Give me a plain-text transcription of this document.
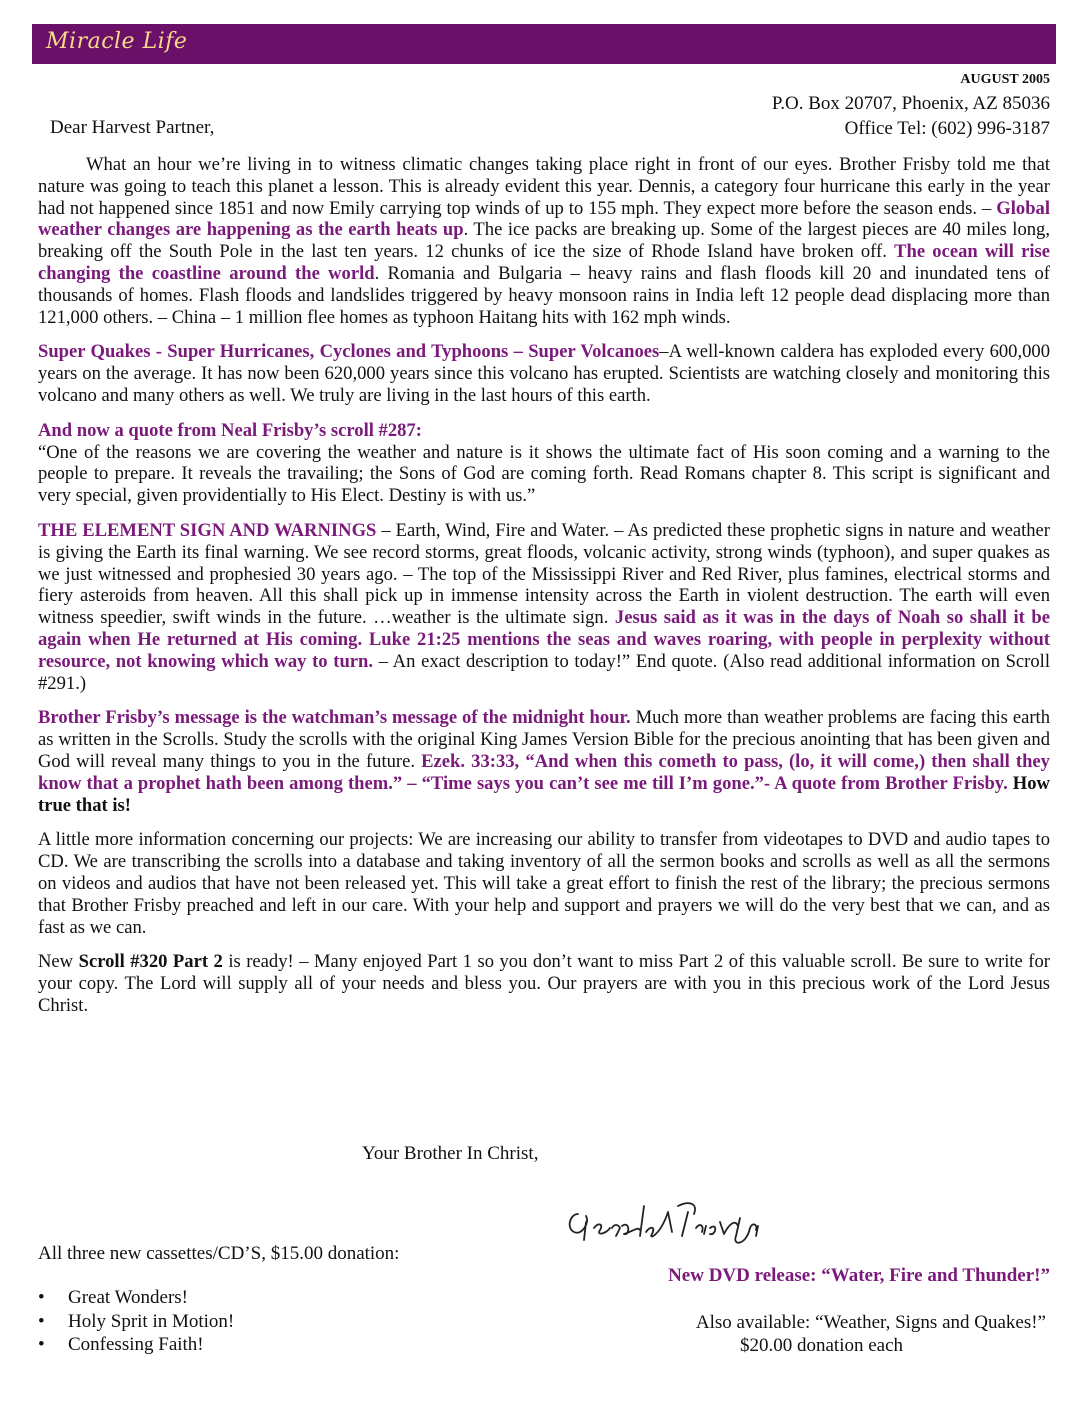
Miracle Life
AUGUST 2005
P.O. Box 20707, Phoenix, AZ 85036
Office Tel: (602) 996-3187
Dear Harvest Partner,

What an hour we’re living in to witness climatic changes taking place right in front of our eyes. Brother Frisby told me that nature was going to teach this planet a lesson. This is already evident this year. Dennis, a category four hurricane this early in the year had not happened since 1851 and now Emily carrying top winds of up to 155 mph. They expect more before the season ends. – Global weather changes are happening as the earth heats up. The ice packs are breaking up. Some of the largest pieces are 40 miles long, breaking off the South Pole in the last ten years. 12 chunks of ice the size of Rhode Island have broken off. The ocean will rise changing the coastline around the world. Romania and Bulgaria – heavy rains and flash floods kill 20 and inundated tens of thousands of homes. Flash floods and landslides triggered by heavy monsoon rains in India left 12 people dead displacing more than 121,000 others. – China – 1 million flee homes as typhoon Haitang hits with 162 mph winds.

Super Quakes - Super Hurricanes, Cyclones and Typhoons – Super Volcanoes–A well-known caldera has exploded every 600,000 years on the average. It has now been 620,000 years since this volcano has erupted. Scientists are watching closely and monitoring this volcano and many others as well. We truly are living in the last hours of this earth.

And now a quote from Neal Frisby’s scroll #287:
“One of the reasons we are covering the weather and nature is it shows the ultimate fact of His soon coming and a warning to the people to prepare. It reveals the travailing; the Sons of God are coming forth. Read Romans chapter 8. This script is significant and very special, given providentially to His Elect. Destiny is with us.”

THE ELEMENT SIGN AND WARNINGS – Earth, Wind, Fire and Water. – As predicted these prophetic signs in nature and weather is giving the Earth its final warning. We see record storms, great floods, volcanic activity, strong winds (typhoon), and super quakes as we just witnessed and prophesied 30 years ago. – The top of the Mississippi River and Red River, plus famines, electrical storms and fiery asteroids from heaven. All this shall pick up in immense intensity across the Earth in violent destruction. The earth will even witness speedier, swift winds in the future. …weather is the ultimate sign. Jesus said as it was in the days of Noah so shall it be again when He returned at His coming. Luke 21:25 mentions the seas and waves roaring, with people in perplexity without resource, not knowing which way to turn. – An exact description to today!” End quote. (Also read additional information on Scroll #291.)

Brother Frisby’s message is the watchman’s message of the midnight hour. Much more than weather problems are facing this earth as written in the Scrolls. Study the scrolls with the original King James Version Bible for the precious anointing that has been given and God will reveal many things to you in the future. Ezek. 33:33, “And when this cometh to pass, (lo, it will come,) then shall they know that a prophet hath been among them.” – “Time says you can’t see me till I’m gone.”- A quote from Brother Frisby. How true that is!

A little more information concerning our projects: We are increasing our ability to transfer from videotapes to DVD and audio tapes to CD. We are transcribing the scrolls into a database and taking inventory of all the sermon books and scrolls as well as all the sermons on videos and audios that have not been released yet. This will take a great effort to finish the rest of the library; the precious sermons that Brother Frisby preached and left in our care. With your help and support and prayers we will do the very best that we can, and as fast as we can.

New Scroll #320 Part 2 is ready! – Many enjoyed Part 1 so you don’t want to miss Part 2 of this valuable scroll. Be sure to write for your copy. The Lord will supply all of your needs and bless you. Our prayers are with you in this precious work of the Lord Jesus Christ.

Your Brother In Christ,
All three new cassettes/CD’S, $15.00 donation:
New DVD release: “Water, Fire and Thunder!”
•	Great Wonders!
•	Holy Sprit in Motion!
•	Confessing Faith!
Also available: “Weather, Signs and Quakes!”
$20.00 donation each
